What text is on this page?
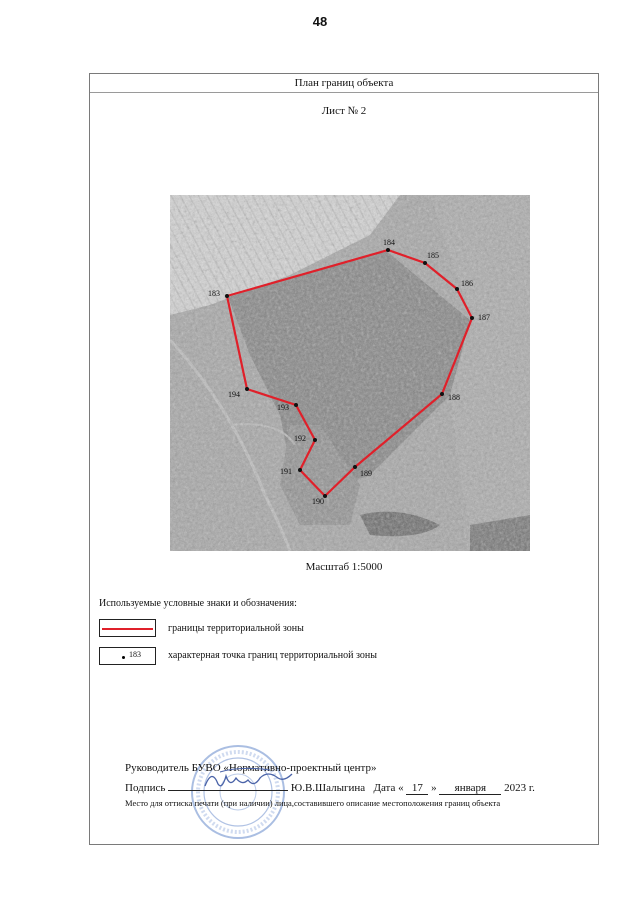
48
План границ объекта
Лист № 2
183
184
185
186
187
188
189
190
191
192
193
194
Масштаб 1:5000
Используемые условные знаки и обозначения:
границы территориальной зоны
183	характерная точка границ территориальной зоны
Руководитель БУВО «Нормативно-проектный центр»
Подпись	Ю.В.Шалыгина Дата « 17 » января 2023 г.
Место для оттиска печати (при наличии) лица,составившего описание местоположения границ объекта
